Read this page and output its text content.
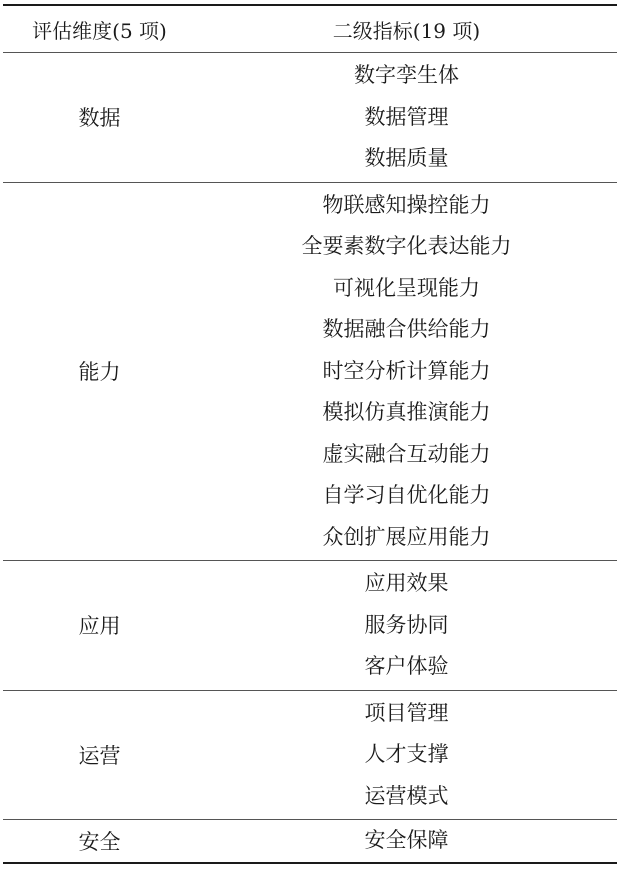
评估维度(5 项)	二级指标(19 项)
数据
数字孪生体
数据管理
数据质量
能力
物联感知操控能力
全要素数字化表达能力
可视化呈现能力
数据融合供给能力
时空分析计算能力
模拟仿真推演能力
虚实融合互动能力
自学习自优化能力
众创扩展应用能力
应用
应用效果
服务协同
客户体验
运营
项目管理
人才支撑
运营模式
安全	安全保障
